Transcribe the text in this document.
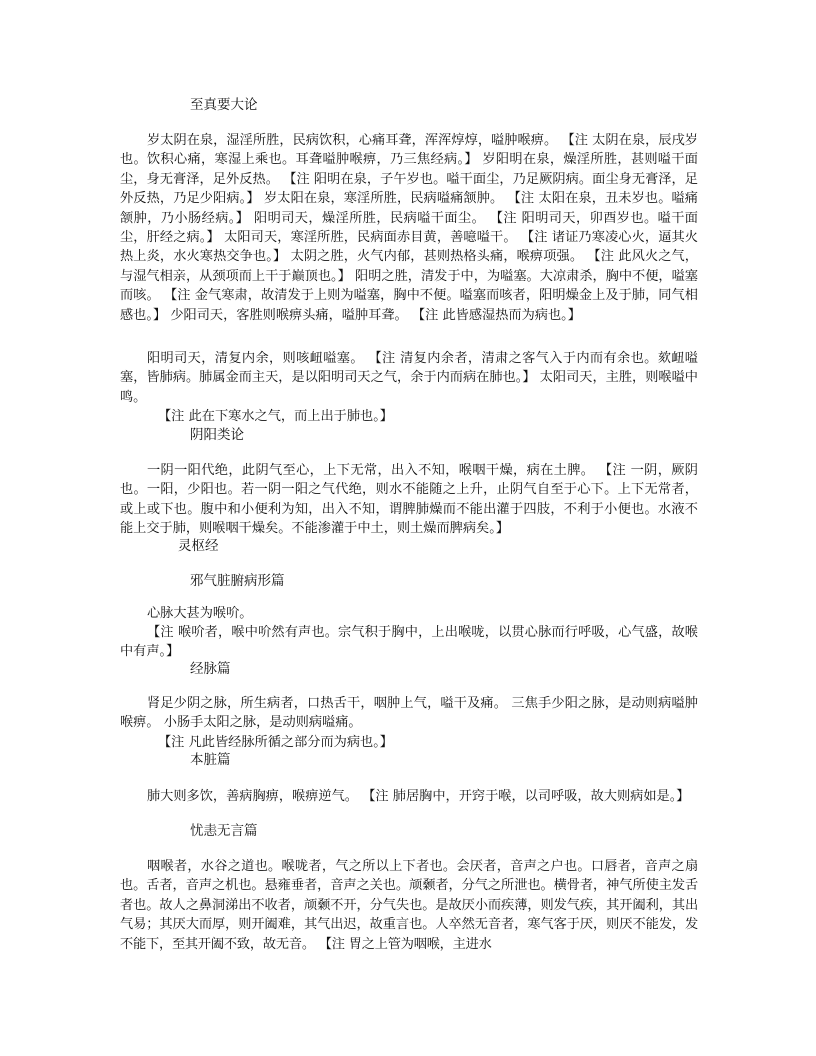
至真要大论

岁太阴在泉，湿淫所胜，民病饮积，心痛耳聋，浑浑焞焞，嗌肿喉痹。 【注 太阴在泉，辰戌岁也。饮积心痛，寒湿上乘也。耳聋嗌肿喉痹，乃三焦经病。】 岁阳明在泉，燥淫所胜，甚则嗌干面尘，身无膏泽，足外反热。 【注 阳明在泉，子午岁也。嗌干面尘，乃足厥阴病。面尘身无膏泽，足外反热，乃足少阳病。】 岁太阳在泉，寒淫所胜，民病嗌痛颔肿。 【注 太阳在泉，丑未岁也。嗌痛颔肿，乃小肠经病。】 阳明司天，燥淫所胜，民病嗌干面尘。 【注 阳明司天，卯酉岁也。嗌干面尘，肝经之病。】 太阳司天，寒淫所胜，民病面赤目黄，善噫嗌干。 【注 诸证乃寒凌心火，逼其火热上炎，水火寒热交争也。】 太阴之胜，火气内郁，甚则热格头痛，喉痹项强。 【注 此风火之气，与湿气相亲，从颈项而上干于巅顶也。】 阳明之胜，清发于中，为嗌塞。大凉肃杀，胸中不便，嗌塞而咳。 【注 金气寒肃，故清发于上则为嗌塞，胸中不便。嗌塞而咳者，阳明燥金上及于肺，同气相感也。】 少阳司天，客胜则喉痹头痛，嗌肿耳聋。 【注 此皆感湿热而为病也。】

阳明司天，清复内余，则咳衄嗌塞。 【注 清复内余者，清肃之客气入于内而有余也。欬衄嗌塞，皆肺病。肺属金而主天，是以阳明司天之气，余于内而病在肺也。】 太阳司天，主胜，则喉嗌中鸣。

【注 此在下寒水之气，而上出于肺也。】

阴阳类论

一阴一阳代绝，此阴气至心，上下无常，出入不知，喉咽干燥，病在土脾。 【注 一阴，厥阴也。一阳，少阳也。若一阴一阳之气代绝，则水不能随之上升，止阴气自至于心下。上下无常者，或上或下也。腹中和小便利为知，出入不知，谓脾肺燥而不能出灌于四肢，不利于小便也。水液不能上交于肺，则喉咽干燥矣。不能渗灌于中土，则土燥而脾病矣。】

灵枢经
邪气脏腑病形篇

心脉大甚为喉吤。

【注 喉吤者，喉中吤然有声也。宗气积于胸中，上出喉咙，以贯心脉而行呼吸，心气盛，故喉中有声。】

经脉篇

肾足少阴之脉，所生病者，口热舌干，咽肿上气，嗌干及痛。 三焦手少阳之脉，是动则病嗌肿喉痹。 小肠手太阳之脉，是动则病嗌痛。

【注 凡此皆经脉所循之部分而为病也。】

本脏篇

肺大则多饮，善病胸痹，喉痹逆气。 【注 肺居胸中，开窍于喉，以司呼吸，故大则病如是。】

忧恚无言篇

咽喉者，水谷之道也。喉咙者，气之所以上下者也。会厌者，音声之户也。口唇者，音声之扇也。舌者，音声之机也。悬雍垂者，音声之关也。颃颡者，分气之所泄也。横骨者，神气所使主发舌者也。故人之鼻洞涕出不收者，颃颡不开，分气失也。是故厌小而疾薄，则发气疾，其开阖利，其出气易；其厌大而厚，则开阖难，其气出迟，故重言也。人卒然无音者，寒气客于厌，则厌不能发，发不能下，至其开阖不致，故无音。 【注 胃之上管为咽喉，主进水
